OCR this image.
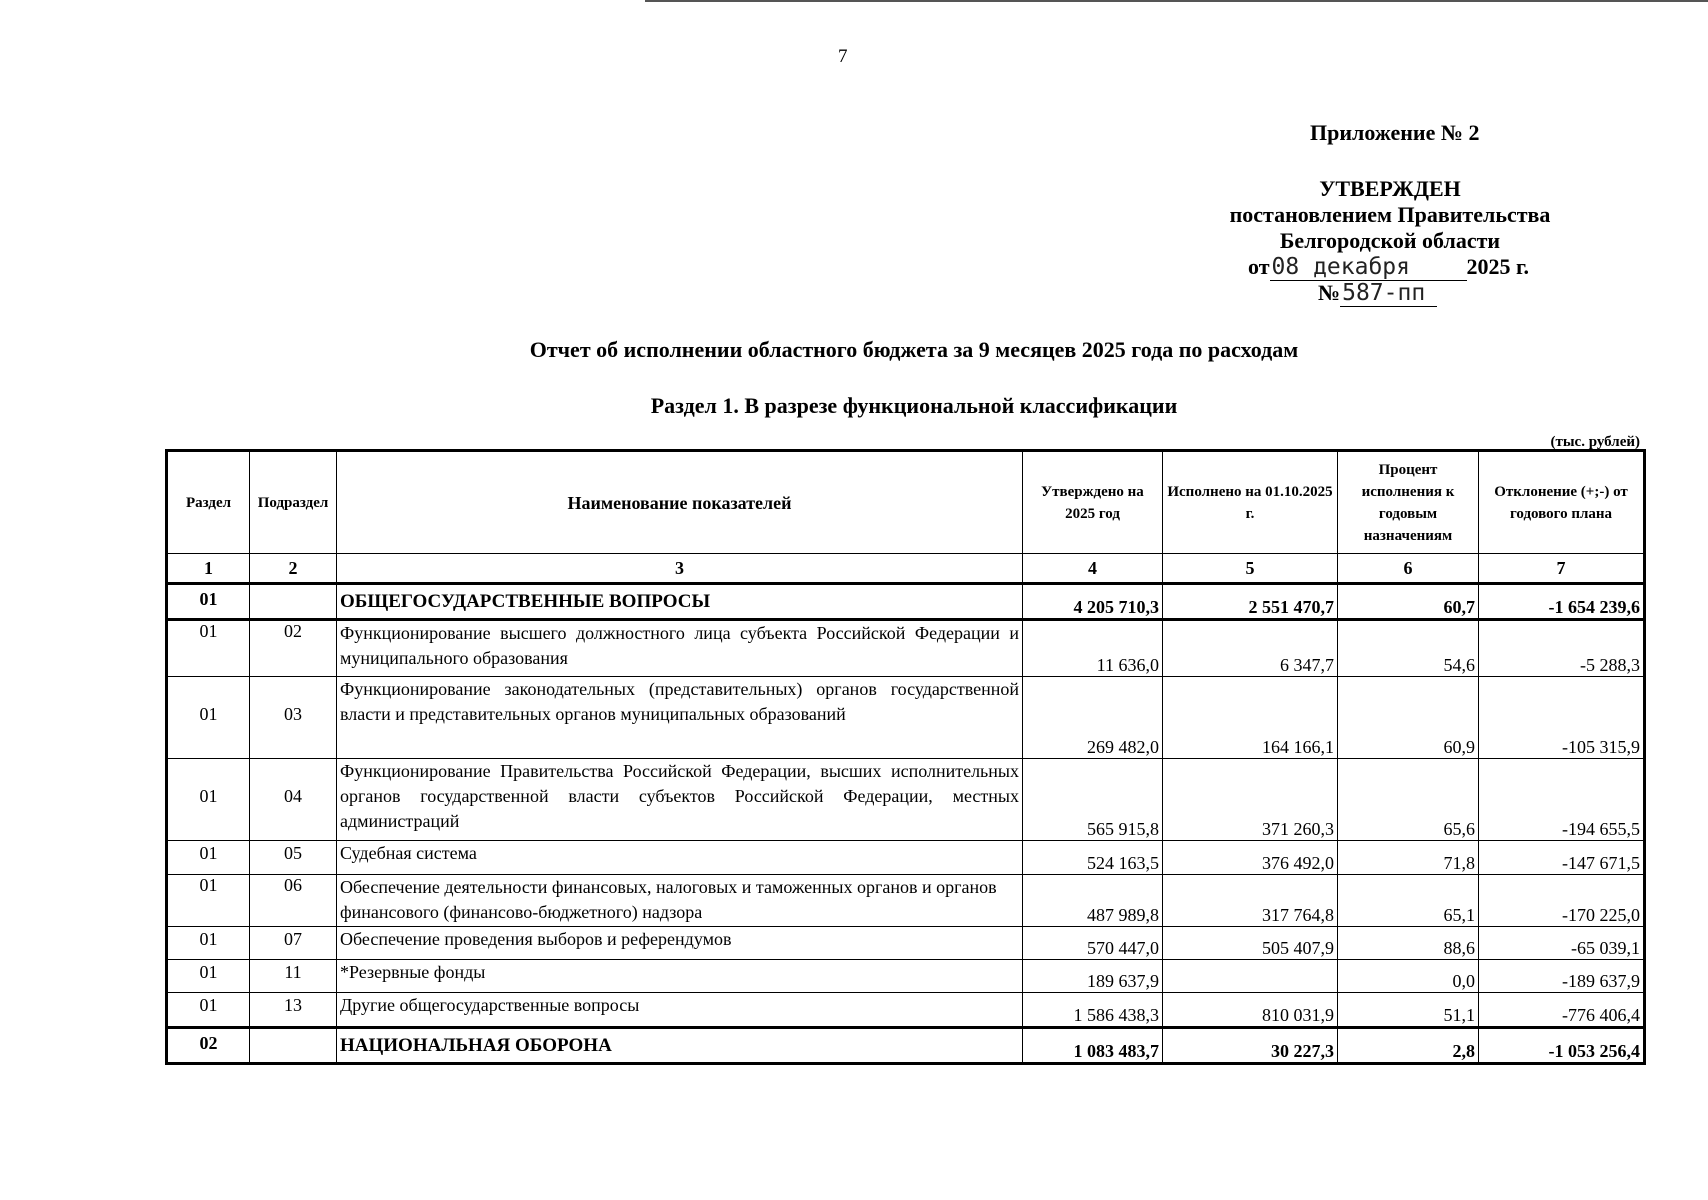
7
Приложение № 2
УТВЕРЖДЕН
постановлением Правительства
Белгородской области
от08 декабря	2025 г.
№587-пп
Отчет об исполнении областного бюджета за 9 месяцев 2025 года по расходам
Раздел 1. В разрезе функциональной классификации
(тыс. рублей)
Раздел	Подраздел	Наименование показателей	Утверждено на 2025 год	Исполнено на 01.10.2025 г.	Процент исполнения к годовым назначениям	Отклонение (+;-) от годового плана
1	2	3	4	5	6	7
01		ОБЩЕГОСУДАРСТВЕННЫЕ ВОПРОСЫ	4 205 710,3	2 551 470,7	60,7	-1 654 239,6
01	02	Функционирование высшего должностного лица субъекта Российской Федерации и муниципального образования	11 636,0	6 347,7	54,6	-5 288,3
01	03	Функционирование законодательных (представительных) органов государственной власти и представительных органов муниципальных образований	269 482,0	164 166,1	60,9	-105 315,9
01	04	Функционирование Правительства Российской Федерации, высших исполнительных органов государственной власти субъектов Российской Федерации, местных администраций	565 915,8	371 260,3	65,6	-194 655,5
01	05	Судебная система	524 163,5	376 492,0	71,8	-147 671,5
01	06	Обеспечение деятельности финансовых, налоговых и таможенных органов и органов финансового (финансово-бюджетного) надзора	487 989,8	317 764,8	65,1	-170 225,0
01	07	Обеспечение проведения выборов и референдумов	570 447,0	505 407,9	88,6	-65 039,1
01	11	*Резервные фонды	189 637,9		0,0	-189 637,9
01	13	Другие общегосударственные вопросы	1 586 438,3	810 031,9	51,1	-776 406,4
02		НАЦИОНАЛЬНАЯ ОБОРОНА	1 083 483,7	30 227,3	2,8	-1 053 256,4
